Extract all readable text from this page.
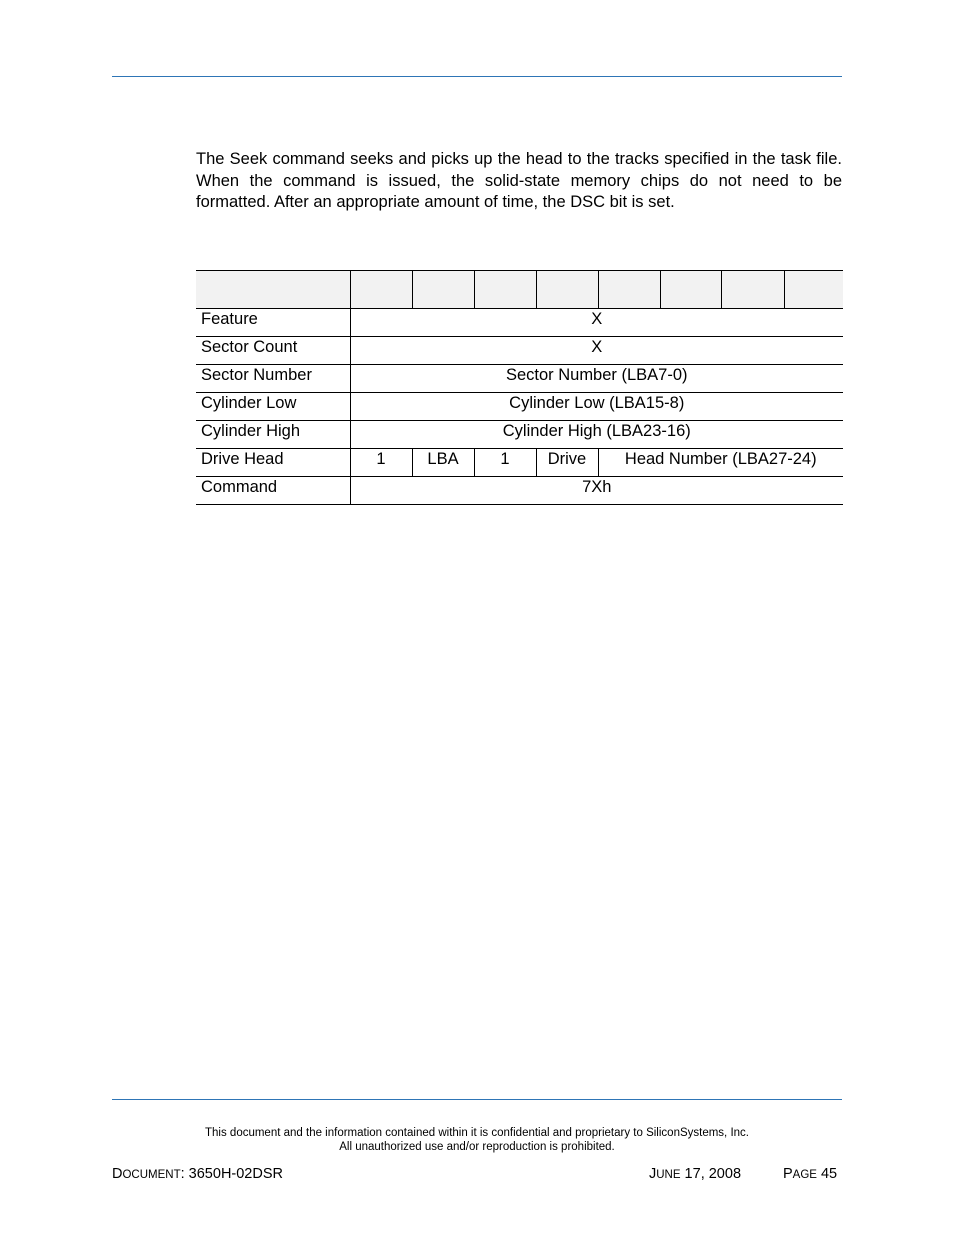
The Seek command seeks and picks up the head to the tracks specified in the task file. When the command is issued, the solid-state memory chips do not need to be formatted. After an appropriate amount of time, the DSC bit is set.

Feature	X							
Sector Count	X							
Sector Number	Sector Number (LBA7-0)							
Cylinder Low	Cylinder Low (LBA15-8)							
Cylinder High	Cylinder High (LBA23-16)							
Drive Head	1	LBA	1	Drive	Head Number (LBA27-24)			
Command	7Xh							
This document and the information contained within it is confidential and proprietary to SiliconSystems, Inc.
All unauthorized use and/or reproduction is prohibited.
DOCUMENT: 3650H-02DSR	JUNE 17, 2008	PAGE 45
